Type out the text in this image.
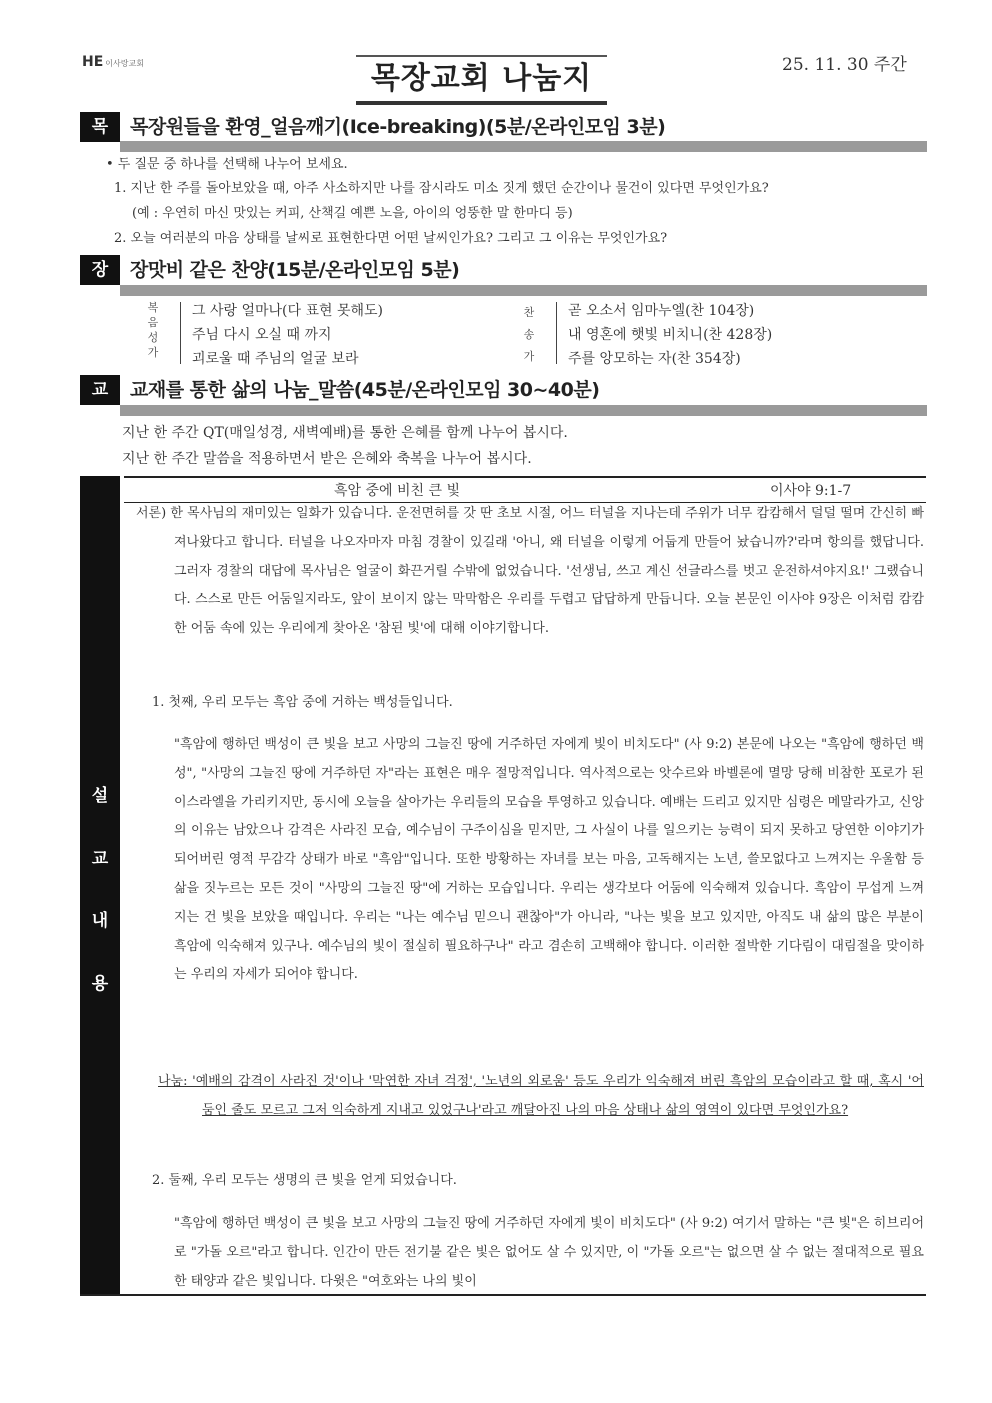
HE 이사랑교회	목장교회 나눔지	25. 11. 30 주간
목	목장원들을 환영_얼음깨기(Ice-breaking)(5분/온라인모임 3분)
• 두 질문 중 하나를 선택해 나누어 보세요.
1. 지난 한 주를 돌아보았을 때, 아주 사소하지만 나를 잠시라도 미소 짓게 했던 순간이나 물건이 있다면 무엇인가요?
(예 : 우연히 마신 맛있는 커피, 산책길 예쁜 노을, 아이의 엉뚱한 말 한마디 등)
2. 오늘 여러분의 마음 상태를 날씨로 표현한다면 어떤 날씨인가요? 그리고 그 이유는 무엇인가요?
장	장맛비 같은 찬양(15분/온라인모임 5분)
복
음
성
가
그 사랑 얼마나(다 표현 못해도)
주님 다시 오실 때 까지
괴로울 때 주님의 얼굴 보라
찬
송
가
곧 오소서 임마누엘(찬 104장)
내 영혼에 햇빛 비치니(찬 428장)
주를 앙모하는 자(찬 354장)
교	교재를 통한 삶의 나눔_말씀(45분/온라인모임 30~40분)
지난 한 주간 QT(매일성경, 새벽예배)를 통한 은혜를 함께 나누어 봅시다.
지난 한 주간 말씀을 적용하면서 받은 은혜와 축복을 나누어 봅시다.
설
교
내
용
흑암 중에 비친 큰 빛	이사야 9:1-7

서론) 한 목사님의 재미있는 일화가 있습니다. 운전면허를 갓 딴 초보 시절, 어느 터널을 지나는데 주위가 너무 캄캄해서 덜덜 떨며 간신히 빠져나왔다고 합니다. 터널을 나오자마자 마침 경찰이 있길래 '아니, 왜 터널을 이렇게 어둡게 만들어 놨습니까?'라며 항의를 했답니다. 그러자 경찰의 대답에 목사님은 얼굴이 화끈거릴 수밖에 없었습니다. '선생님, 쓰고 계신 선글라스를 벗고 운전하셔야지요!' 그랬습니다. 스스로 만든 어둠일지라도, 앞이 보이지 않는 막막함은 우리를 두렵고 답답하게 만듭니다. 오늘 본문인 이사야 9장은 이처럼 캄캄한 어둠 속에 있는 우리에게 찾아온 '참된 빛'에 대해 이야기합니다.

1. 첫째, 우리 모두는 흑암 중에 거하는 백성들입니다.

"흑암에 행하던 백성이 큰 빛을 보고 사망의 그늘진 땅에 거주하던 자에게 빛이 비치도다" (사 9:2) 본문에 나오는 "흑암에 행하던 백성", "사망의 그늘진 땅에 거주하던 자"라는 표현은 매우 절망적입니다. 역사적으로는 앗수르와 바벨론에 멸망 당해 비참한 포로가 된 이스라엘을 가리키지만, 동시에 오늘을 살아가는 우리들의 모습을 투영하고 있습니다. 예배는 드리고 있지만 심령은 메말라가고, 신앙의 이유는 남았으나 감격은 사라진 모습, 예수님이 구주이심을 믿지만, 그 사실이 나를 일으키는 능력이 되지 못하고 당연한 이야기가 되어버린 영적 무감각 상태가 바로 "흑암"입니다. 또한 방황하는 자녀를 보는 마음, 고독해지는 노년, 쓸모없다고 느껴지는 우울함 등 삶을 짓누르는 모든 것이 "사망의 그늘진 땅"에 거하는 모습입니다. 우리는 생각보다 어둠에 익숙해져 있습니다. 흑암이 무섭게 느껴지는 건 빛을 보았을 때입니다. 우리는 "나는 예수님 믿으니 괜찮아"가 아니라, "나는 빛을 보고 있지만, 아직도 내 삶의 많은 부분이 흑암에 익숙해져 있구나. 예수님의 빛이 절실히 필요하구나" 라고 겸손히 고백해야 합니다. 이러한 절박한 기다림이 대림절을 맞이하는 우리의 자세가 되어야 합니다.

나눔: '예배의 감격이 사라진 것'이나 '막연한 자녀 걱정', '노년의 외로움' 등도 우리가 익숙해져 버린 흑암의 모습이라고 할 때, 혹시 '어둠인 줄도 모르고 그저 익숙하게 지내고 있었구나'라고 깨달아진 나의 마음 상태나 삶의 영역이 있다면 무엇인가요?

2. 둘째, 우리 모두는 생명의 큰 빛을 얻게 되었습니다.

"흑암에 행하던 백성이 큰 빛을 보고 사망의 그늘진 땅에 거주하던 자에게 빛이 비치도다" (사 9:2) 여기서 말하는 "큰 빛"은 히브리어로 "가돌 오르"라고 합니다. 인간이 만든 전기불 같은 빛은 없어도 살 수 있지만, 이 "가돌 오르"는 없으면 살 수 없는 절대적으로 필요한 태양과 같은 빛입니다. 다윗은 "여호와는 나의 빛이
